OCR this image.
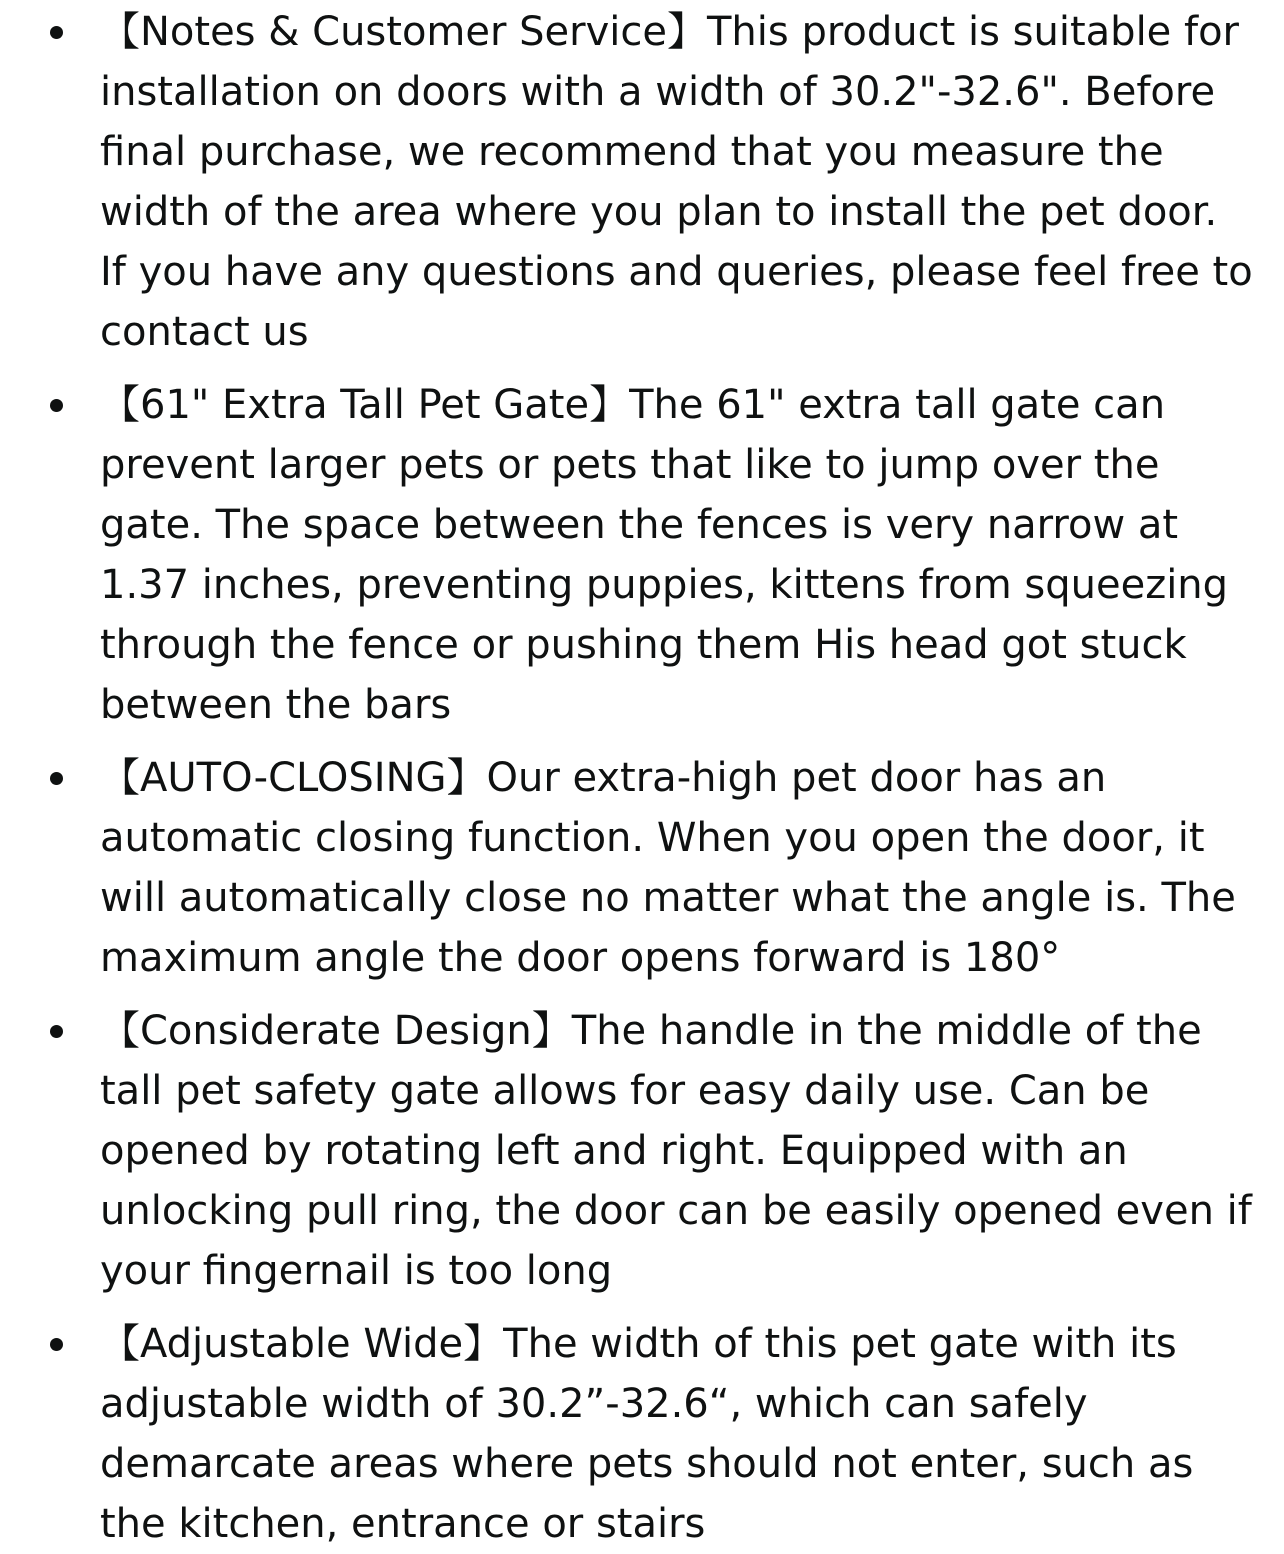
【Notes & Customer Service】This product is suitable for installation on doors with a width of 30.2"-32.6". Before final purchase, we recommend that you measure the width of the area where you plan to install the pet door. If you have any questions and queries, please feel free to contact us
【61" Extra Tall Pet Gate】The 61" extra tall gate can prevent larger pets or pets that like to jump over the gate. The space between the fences is very narrow at 1.37 inches, preventing puppies, kittens from squeezing through the fence or pushing them His head got stuck between the bars
【AUTO-CLOSING】Our extra-high pet door has an automatic closing function. When you open the door, it will automatically close no matter what the angle is. The maximum angle the door opens forward is 180°
【Considerate Design】The handle in the middle of the tall pet safety gate allows for easy daily use. Can be opened by rotating left and right. Equipped with an unlocking pull ring, the door can be easily opened even if your fingernail is too long
【Adjustable Wide】The width of this pet gate with its adjustable width of 30.2”-32.6“, which can safely demarcate areas where pets should not enter, such as the kitchen, entrance or stairs
